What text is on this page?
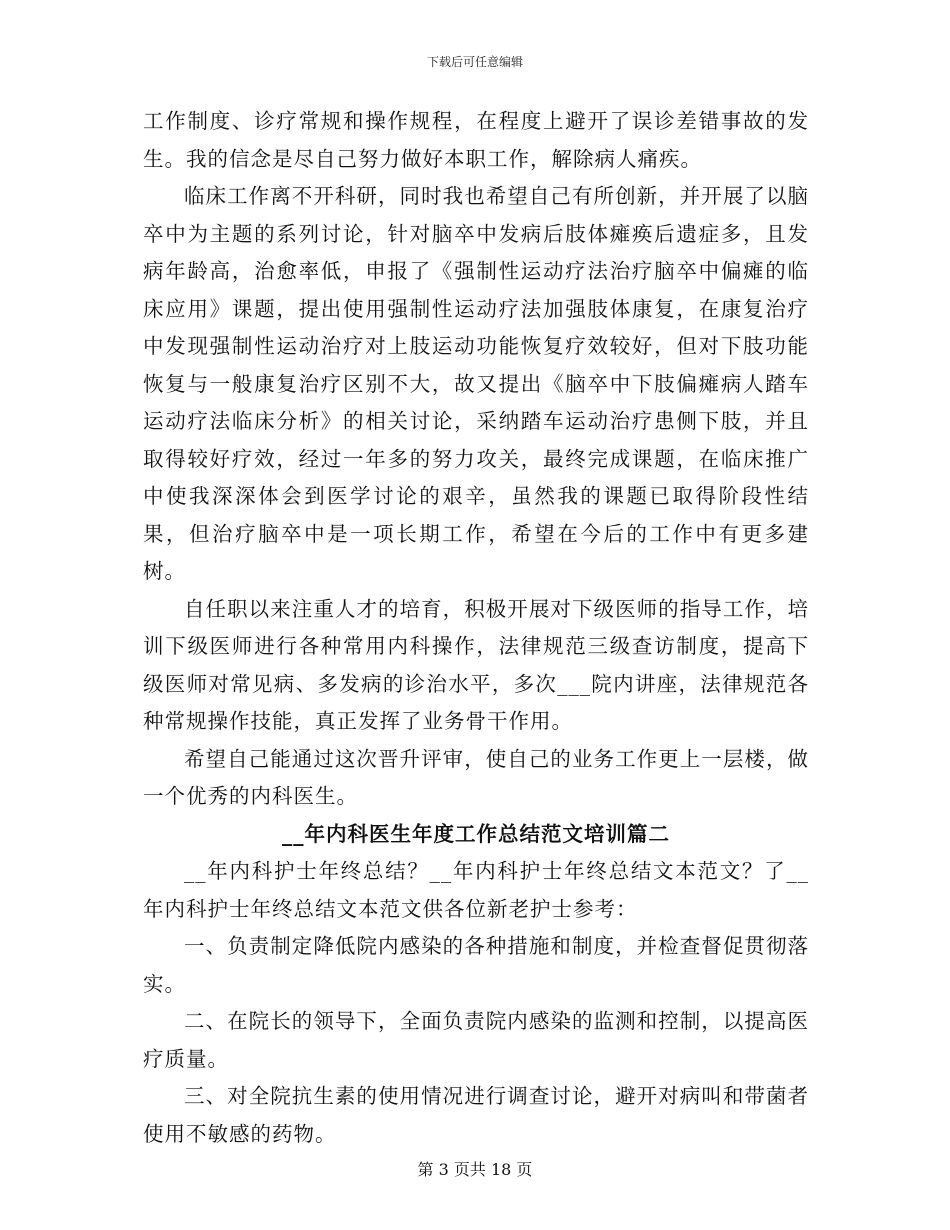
下载后可任意编辑

工作制度、诊疗常规和操作规程，在程度上避开了误诊差错事故的发生。我的信念是尽自己努力做好本职工作，解除病人痛疾。

临床工作离不开科研，同时我也希望自己有所创新，并开展了以脑卒中为主题的系列讨论，针对脑卒中发病后肢体瘫痪后遗症多，且发病年龄高，治愈率低，申报了《强制性运动疗法治疗脑卒中偏瘫的临床应用》课题，提出使用强制性运动疗法加强肢体康复，在康复治疗中发现强制性运动治疗对上肢运动功能恢复疗效较好，但对下肢功能恢复与一般康复治疗区别不大，故又提出《脑卒中下肢偏瘫病人踏车运动疗法临床分析》的相关讨论，采纳踏车运动治疗患侧下肢，并且取得较好疗效，经过一年多的努力攻关，最终完成课题，在临床推广中使我深深体会到医学讨论的艰辛，虽然我的课题已取得阶段性结果，但治疗脑卒中是一项长期工作，希望在今后的工作中有更多建树。

自任职以来注重人才的培育，积极开展对下级医师的指导工作，培训下级医师进行各种常用内科操作，法律规范三级查访制度，提高下级医师对常见病、多发病的诊治水平，多次___院内讲座，法律规范各种常规操作技能，真正发挥了业务骨干作用。

希望自己能通过这次晋升评审，使自己的业务工作更上一层楼，做一个优秀的内科医生。

__年内科医生年度工作总结范文培训篇二

__年内科护士年终总结？__年内科护士年终总结文本范文？了__年内科护士年终总结文本范文供各位新老护士参考：

一、负责制定降低院内感染的各种措施和制度，并检查督促贯彻落实。

二、在院长的领导下，全面负责院内感染的监测和控制，以提高医疗质量。

三、对全院抗生素的使用情况进行调查讨论，避开对病叫和带菌者使用不敏感的药物。

第 3 页共 18 页
